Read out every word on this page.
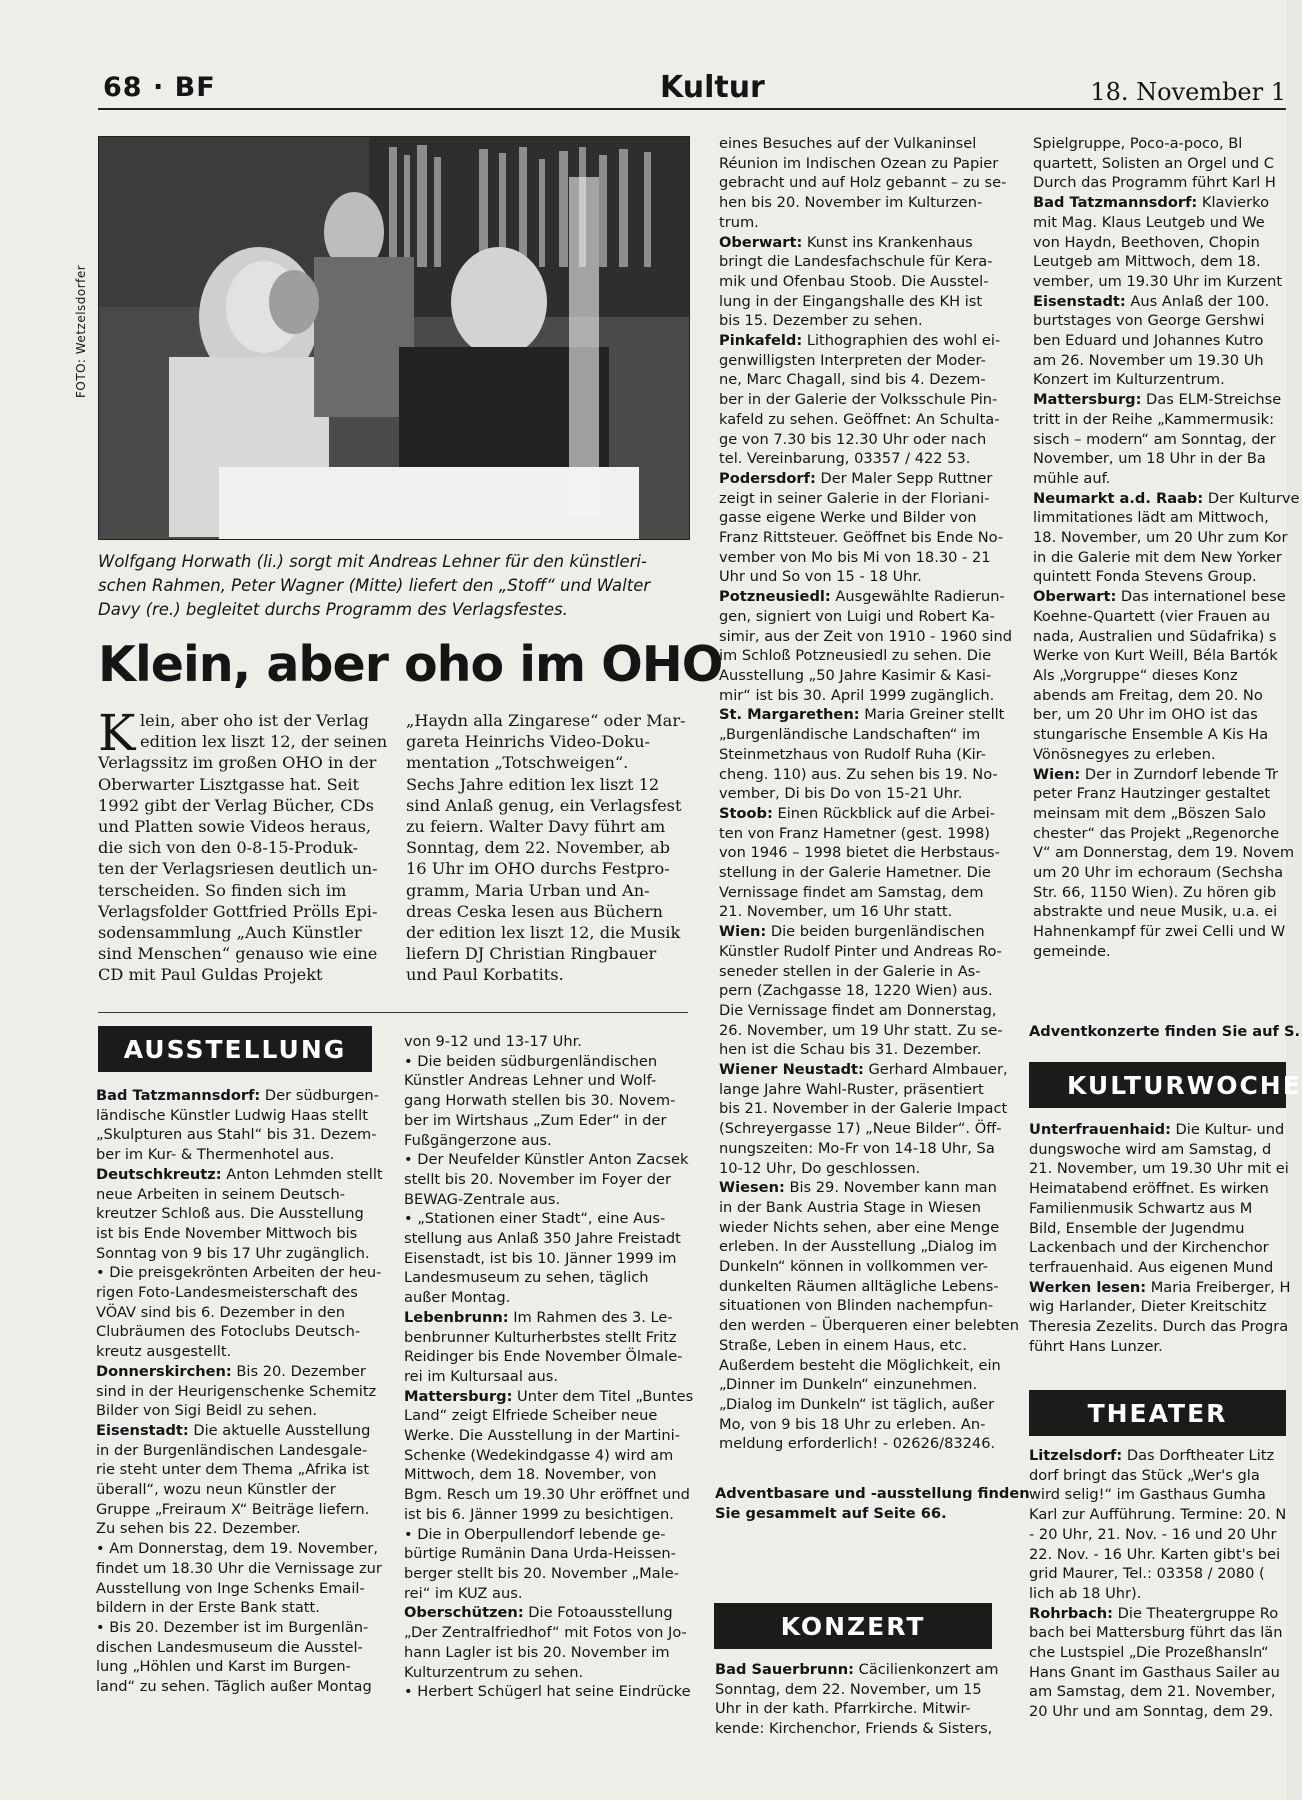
68 · BF	Kultur	18. November 1
FOTO: Wetzelsdorfer
Wolfgang Horwath (li.) sorgt mit Andreas Lehner für den künstleri-
schen Rahmen, Peter Wagner (Mitte) liefert den „Stoff“ und Walter
Davy (re.) begleitet durchs Programm des Verlagsfestes.
Klein, aber oho im OHO
K lein, aber oho ist der Verlag
edition lex liszt 12, der seinen
Verlagssitz im großen OHO in der
Oberwarter Lisztgasse hat. Seit
1992 gibt der Verlag Bücher, CDs
und Platten sowie Videos heraus,
die sich von den 0-8-15-Produk-
ten der Verlagsriesen deutlich un-
terscheiden. So finden sich im
Verlagsfolder Gottfried Prölls Epi-
sodensammlung „Auch Künstler
sind Menschen“ genauso wie eine
CD mit Paul Guldas Projekt
„Haydn alla Zingarese“ oder Mar-
gareta Heinrichs Video-Doku-
mentation „Totschweigen“.
Sechs Jahre edition lex liszt 12
sind Anlaß genug, ein Verlagsfest
zu feiern. Walter Davy führt am
Sonntag, dem 22. November, ab
16 Uhr im OHO durchs Festpro-
gramm, Maria Urban und An-
dreas Ceska lesen aus Büchern
der edition lex liszt 12, die Musik
liefern DJ Christian Ringbauer
und Paul Korbatits.
AUSSTELLUNG
Bad Tatzmannsdorf: Der südburgen-
ländische Künstler Ludwig Haas stellt
„Skulpturen aus Stahl“ bis 31. Dezem-
ber im Kur- & Thermenhotel aus.
Deutschkreutz: Anton Lehmden stellt
neue Arbeiten in seinem Deutsch-
kreutzer Schloß aus. Die Ausstellung
ist bis Ende November Mittwoch bis
Sonntag von 9 bis 17 Uhr zugänglich.
• Die preisgekrönten Arbeiten der heu-
rigen Foto-Landesmeisterschaft des
VÖAV sind bis 6. Dezember in den
Clubräumen des Fotoclubs Deutsch-
kreutz ausgestellt.
Donnerskirchen: Bis 20. Dezember
sind in der Heurigenschenke Schemitz
Bilder von Sigi Beidl zu sehen.
Eisenstadt: Die aktuelle Ausstellung
in der Burgenländischen Landesgale-
rie steht unter dem Thema „Afrika ist
überall“, wozu neun Künstler der
Gruppe „Freiraum X“ Beiträge liefern.
Zu sehen bis 22. Dezember.
• Am Donnerstag, dem 19. November,
findet um 18.30 Uhr die Vernissage zur
Ausstellung von Inge Schenks Email-
bildern in der Erste Bank statt.
• Bis 20. Dezember ist im Burgenlän-
dischen Landesmuseum die Ausstel-
lung „Höhlen und Karst im Burgen-
land“ zu sehen. Täglich außer Montag
von 9-12 und 13-17 Uhr.
• Die beiden südburgenländischen
Künstler Andreas Lehner und Wolf-
gang Horwath stellen bis 30. Novem-
ber im Wirtshaus „Zum Eder“ in der
Fußgängerzone aus.
• Der Neufelder Künstler Anton Zacsek
stellt bis 20. November im Foyer der
BEWAG-Zentrale aus.
• „Stationen einer Stadt“, eine Aus-
stellung aus Anlaß 350 Jahre Freistadt
Eisenstadt, ist bis 10. Jänner 1999 im
Landesmuseum zu sehen, täglich
außer Montag.
Lebenbrunn: Im Rahmen des 3. Le-
benbrunner Kulturherbstes stellt Fritz
Reidinger bis Ende November Ölmale-
rei im Kultursaal aus.
Mattersburg: Unter dem Titel „Buntes
Land“ zeigt Elfriede Scheiber neue
Werke. Die Ausstellung in der Martini-
Schenke (Wedekindgasse 4) wird am
Mittwoch, dem 18. November, von
Bgm. Resch um 19.30 Uhr eröffnet und
ist bis 6. Jänner 1999 zu besichtigen.
• Die in Oberpullendorf lebende ge-
bürtige Rumänin Dana Urda-Heissen-
berger stellt bis 20. November „Male-
rei“ im KUZ aus.
Oberschützen: Die Fotoausstellung
„Der Zentralfriedhof“ mit Fotos von Jo-
hann Lagler ist bis 20. November im
Kulturzentrum zu sehen.
• Herbert Schügerl hat seine Eindrücke
eines Besuches auf der Vulkaninsel
Réunion im Indischen Ozean zu Papier
gebracht und auf Holz gebannt – zu se-
hen bis 20. November im Kulturzen-
trum.
Oberwart: Kunst ins Krankenhaus
bringt die Landesfachschule für Kera-
mik und Ofenbau Stoob. Die Ausstel-
lung in der Eingangshalle des KH ist
bis 15. Dezember zu sehen.
Pinkafeld: Lithographien des wohl ei-
genwilligsten Interpreten der Moder-
ne, Marc Chagall, sind bis 4. Dezem-
ber in der Galerie der Volksschule Pin-
kafeld zu sehen. Geöffnet: An Schulta-
ge von 7.30 bis 12.30 Uhr oder nach
tel. Vereinbarung, 03357 / 422 53.
Podersdorf: Der Maler Sepp Ruttner
zeigt in seiner Galerie in der Floriani-
gasse eigene Werke und Bilder von
Franz Rittsteuer. Geöffnet bis Ende No-
vember von Mo bis Mi von 18.30 - 21
Uhr und So von 15 - 18 Uhr.
Potzneusiedl: Ausgewählte Radierun-
gen, signiert von Luigi und Robert Ka-
simir, aus der Zeit von 1910 - 1960 sind
im Schloß Potzneusiedl zu sehen. Die
Ausstellung „50 Jahre Kasimir & Kasi-
mir“ ist bis 30. April 1999 zugänglich.
St. Margarethen: Maria Greiner stellt
„Burgenländische Landschaften“ im
Steinmetzhaus von Rudolf Ruha (Kir-
cheng. 110) aus. Zu sehen bis 19. No-
vember, Di bis Do von 15-21 Uhr.
Stoob: Einen Rückblick auf die Arbei-
ten von Franz Hametner (gest. 1998)
von 1946 – 1998 bietet die Herbstaus-
stellung in der Galerie Hametner. Die
Vernissage findet am Samstag, dem
21. November, um 16 Uhr statt.
Wien: Die beiden burgenländischen
Künstler Rudolf Pinter und Andreas Ro-
seneder stellen in der Galerie in As-
pern (Zachgasse 18, 1220 Wien) aus.
Die Vernissage findet am Donnerstag,
26. November, um 19 Uhr statt. Zu se-
hen ist die Schau bis 31. Dezember.
Wiener Neustadt: Gerhard Almbauer,
lange Jahre Wahl-Ruster, präsentiert
bis 21. November in der Galerie Impact
(Schreyergasse 17) „Neue Bilder“. Öff-
nungszeiten: Mo-Fr von 14-18 Uhr, Sa
10-12 Uhr, Do geschlossen.
Wiesen: Bis 29. November kann man
in der Bank Austria Stage in Wiesen
wieder Nichts sehen, aber eine Menge
erleben. In der Ausstellung „Dialog im
Dunkeln“ können in vollkommen ver-
dunkelten Räumen alltägliche Lebens-
situationen von Blinden nachempfun-
den werden – Überqueren einer belebten
Straße, Leben in einem Haus, etc.
Außerdem besteht die Möglichkeit, ein
„Dinner im Dunkeln“ einzunehmen.
„Dialog im Dunkeln“ ist täglich, außer
Mo, von 9 bis 18 Uhr zu erleben. An-
meldung erforderlich! - 02626/83246.
Adventbasare und -ausstellung finden
Sie gesammelt auf Seite 66.
KONZERT
Bad Sauerbrunn: Cäcilienkonzert am
Sonntag, dem 22. November, um 15
Uhr in der kath. Pfarrkirche. Mitwir-
kende: Kirchenchor, Friends & Sisters,
Spielgruppe, Poco-a-poco, Bl
quartett, Solisten an Orgel und C
Durch das Programm führt Karl H
Bad Tatzmannsdorf: Klavierko
mit Mag. Klaus Leutgeb und We
von Haydn, Beethoven, Chopin
Leutgeb am Mittwoch, dem 18.
vember, um 19.30 Uhr im Kurzent
Eisenstadt: Aus Anlaß der 100.
burtstages von George Gershwi
ben Eduard und Johannes Kutro
am 26. November um 19.30 Uh
Konzert im Kulturzentrum.
Mattersburg: Das ELM-Streichse
tritt in der Reihe „Kammermusik:
sisch – modern“ am Sonntag, der
November, um 18 Uhr in der Ba
mühle auf.
Neumarkt a.d. Raab: Der Kulturve
limmitationes lädt am Mittwoch,
18. November, um 20 Uhr zum Kor
in die Galerie mit dem New Yorker
quintett Fonda Stevens Group.
Oberwart: Das internationel bese
Koehne-Quartett (vier Frauen au
nada, Australien und Südafrika) s
Werke von Kurt Weill, Béla Bartók
Als „Vorgruppe“ dieses Konz
abends am Freitag, dem 20. No
ber, um 20 Uhr im OHO ist das
stungarische Ensemble A Kis Ha
Vönösnegyes zu erleben.
Wien: Der in Zurndorf lebende Tr
peter Franz Hautzinger gestaltet
meinsam mit dem „Böszen Salo
chester“ das Projekt „Regenorche
V“ am Donnerstag, dem 19. Novem
um 20 Uhr im echoraum (Sechsha
Str. 66, 1150 Wien). Zu hören gib
abstrakte und neue Musik, u.a. ei
Hahnenkampf für zwei Celli und W
gemeinde.
Adventkonzerte finden Sie auf S.
KULTURWOCHE
Unterfrauenhaid: Die Kultur- und
dungswoche wird am Samstag, d
21. November, um 19.30 Uhr mit ei
Heimatabend eröffnet. Es wirken
Familienmusik Schwartz aus M
Bild, Ensemble der Jugendmu
Lackenbach und der Kirchenchor
terfrauenhaid. Aus eigenen Mund
Werken lesen: Maria Freiberger, H
wig Harlander, Dieter Kreitschitz
Theresia Zezelits. Durch das Progra
führt Hans Lunzer.
THEATER
Litzelsdorf: Das Dorftheater Litz
dorf bringt das Stück „Wer's gla
wird selig!“ im Gasthaus Gumha
Karl zur Aufführung. Termine: 20. N
- 20 Uhr, 21. Nov. - 16 und 20 Uhr
22. Nov. - 16 Uhr. Karten gibt's bei
grid Maurer, Tel.: 03358 / 2080 (
lich ab 18 Uhr).
Rohrbach: Die Theatergruppe Ro
bach bei Mattersburg führt das län
che Lustspiel „Die Prozeßhansln“
Hans Gnant im Gasthaus Sailer au
am Samstag, dem 21. November,
20 Uhr und am Sonntag, dem 29.
